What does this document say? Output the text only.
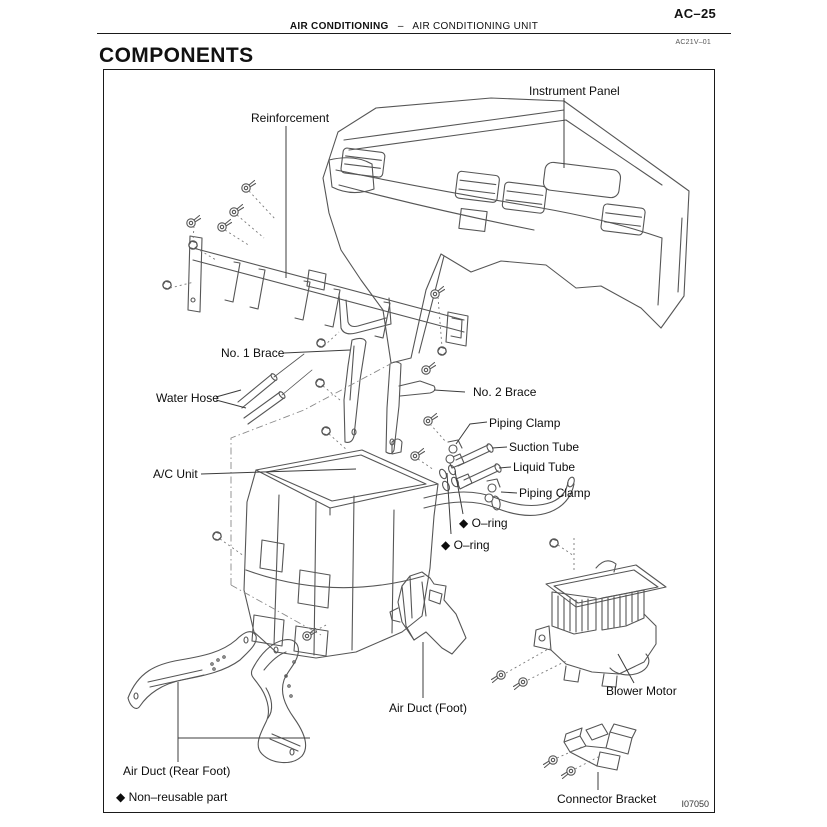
AC–25
AIR CONDITIONING – AIR CONDITIONING UNIT
AC21V–01
COMPONENTS
Instrument Panel
Reinforcement
No. 1 Brace
Water Hose	No. 2 Brace
Piping Clamp
Suction Tube
Liquid Tube
Piping Clamp
◆ O–ring
◆ O–ring
A/C Unit
Air Duct (Foot)
Blower Motor
Air Duct (Rear Foot)
◆ Non–reusable part	Connector Bracket	I07050
